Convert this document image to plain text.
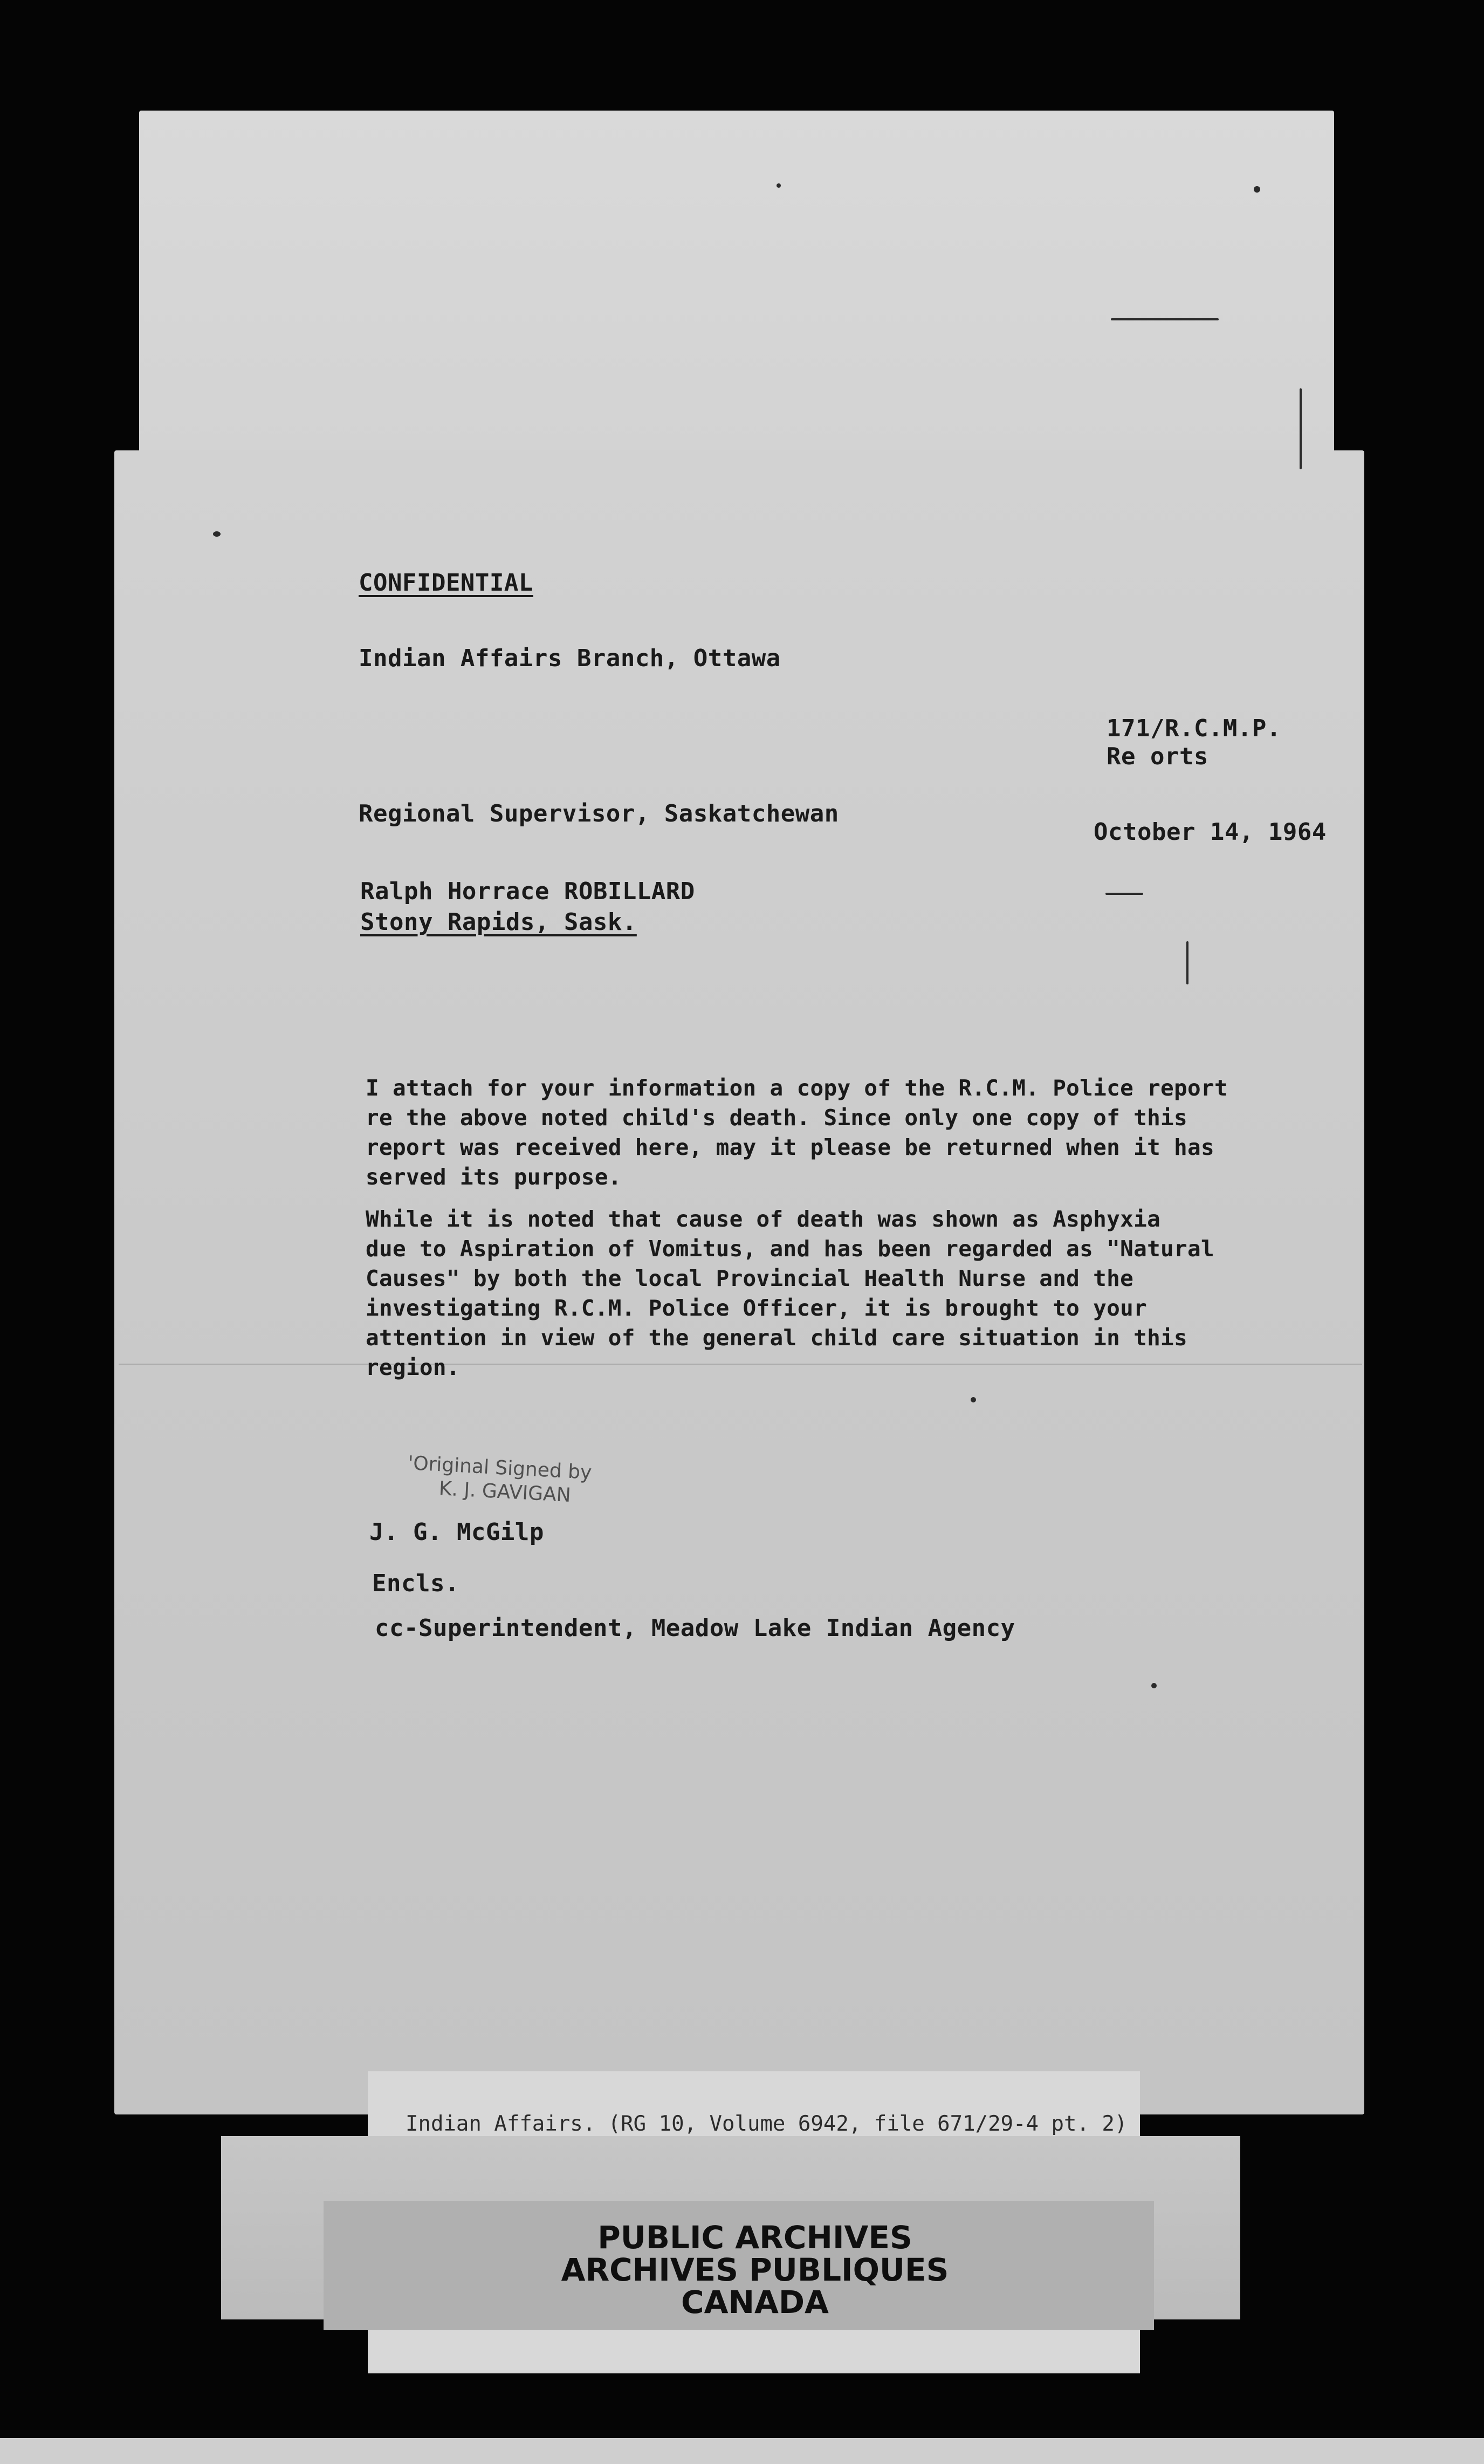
CONFIDENTIAL
Indian Affairs Branch, Ottawa
171/R.C.M.P.
Re orts
Regional Supervisor, Saskatchewan
October 14, 1964
Ralph Horrace ROBILLARD
Stony Rapids, Sask.
I attach for your information a copy of the R.C.M. Police report
re the above noted child's death. Since only one copy of this
report was received here, may it please be returned when it has
served its purpose.
While it is noted that cause of death was shown as Asphyxia
due to Aspiration of Vomitus, and has been regarded as "Natural
Causes" by both the local Provincial Health Nurse and the
investigating R.C.M. Police Officer, it is brought to your
attention in view of the general child care situation in this
region.
'Original Signed by
K. J. GAVIGAN
J. G. McGilp
Encls.
cc-Superintendent, Meadow Lake Indian Agency
Indian Affairs. (RG 10, Volume 6942, file 671/29-4 pt. 2)
PUBLIC ARCHIVES
ARCHIVES PUBLIQUES
CANADA
